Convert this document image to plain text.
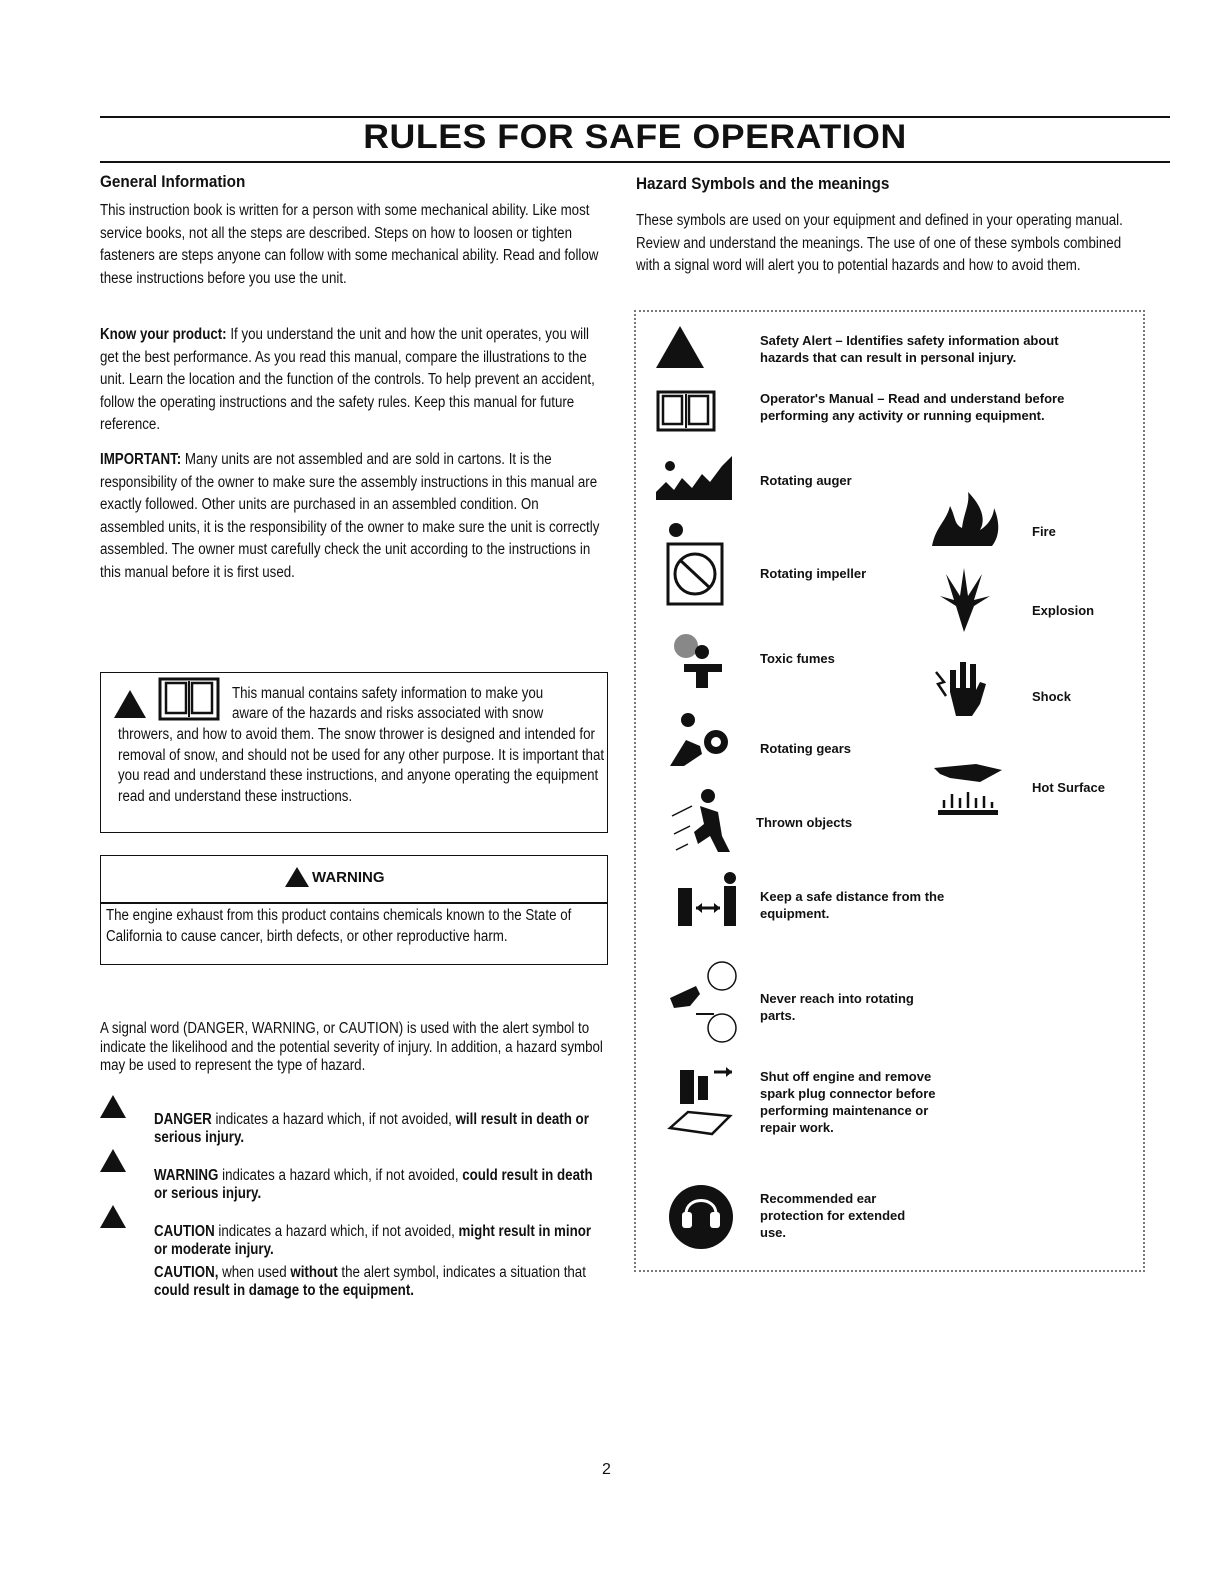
RULES FOR SAFE OPERATION
General Information

This instruction book is written for a person with some mechanical ability. Like most service books, not all the steps are described. Steps on how to loosen or tighten fasteners are steps anyone can follow with some mechanical ability. Read and follow these instructions before you use the unit.

Know your product: If you understand the unit and how the unit operates, you will get the best performance. As you read this manual, compare the illustrations to the unit. Learn the location and the function of the controls. To help prevent an accident, follow the operating instructions and the safety rules. Keep this manual for future reference.

IMPORTANT: Many units are not assembled and are sold in cartons. It is the responsibility of the owner to make sure the assembly instructions in this manual are exactly followed. Other units are purchased in an assembled condition. On assembled units, it is the responsibility of the owner to make sure the unit is correctly assembled. The owner must carefully check the unit according to the instructions in this manual before it is first used.

This manual contains safety information to make you
aware of the hazards and risks associated with snow
throwers, and how to avoid them. The snow thrower is designed and intended for removal of snow, and should not be used for any other purpose. It is important that you read and understand these instructions, and anyone operating the equipment read and understand these instructions.
WARNING
The engine exhaust from this product contains chemicals known to the State of California to cause cancer, birth defects, or other reproductive harm.

A signal word (DANGER, WARNING, or CAUTION) is used with the alert symbol to indicate the likelihood and the potential severity of injury. In addition, a hazard symbol may be used to represent the type of hazard.

DANGER indicates a hazard which, if not avoided, will result in death or serious injury.

WARNING indicates a hazard which, if not avoided, could result in death or serious injury.

CAUTION indicates a hazard which, if not avoided, might result in minor or moderate injury.

CAUTION, when used without the alert symbol, indicates a situation that could result in damage to the equipment.

Hazard Symbols and the meanings

These symbols are used on your equipment and defined in your operating manual. Review and understand the meanings. The use of one of these symbols combined with a signal word will alert you to potential hazards and how to avoid them.

Safety Alert – Identifies safety information about hazards that can result in personal injury.
Operator's Manual – Read and understand before performing any activity or running equipment.
Rotating auger
Rotating impeller
Toxic fumes
Rotating gears
Thrown objects
Keep a safe distance from the equipment.
Never reach into rotating parts.
Shut off engine and remove spark plug connector before performing maintenance or repair work.
Recommended ear protection for extended use.
Fire
Explosion
Shock
Hot Surface
2
